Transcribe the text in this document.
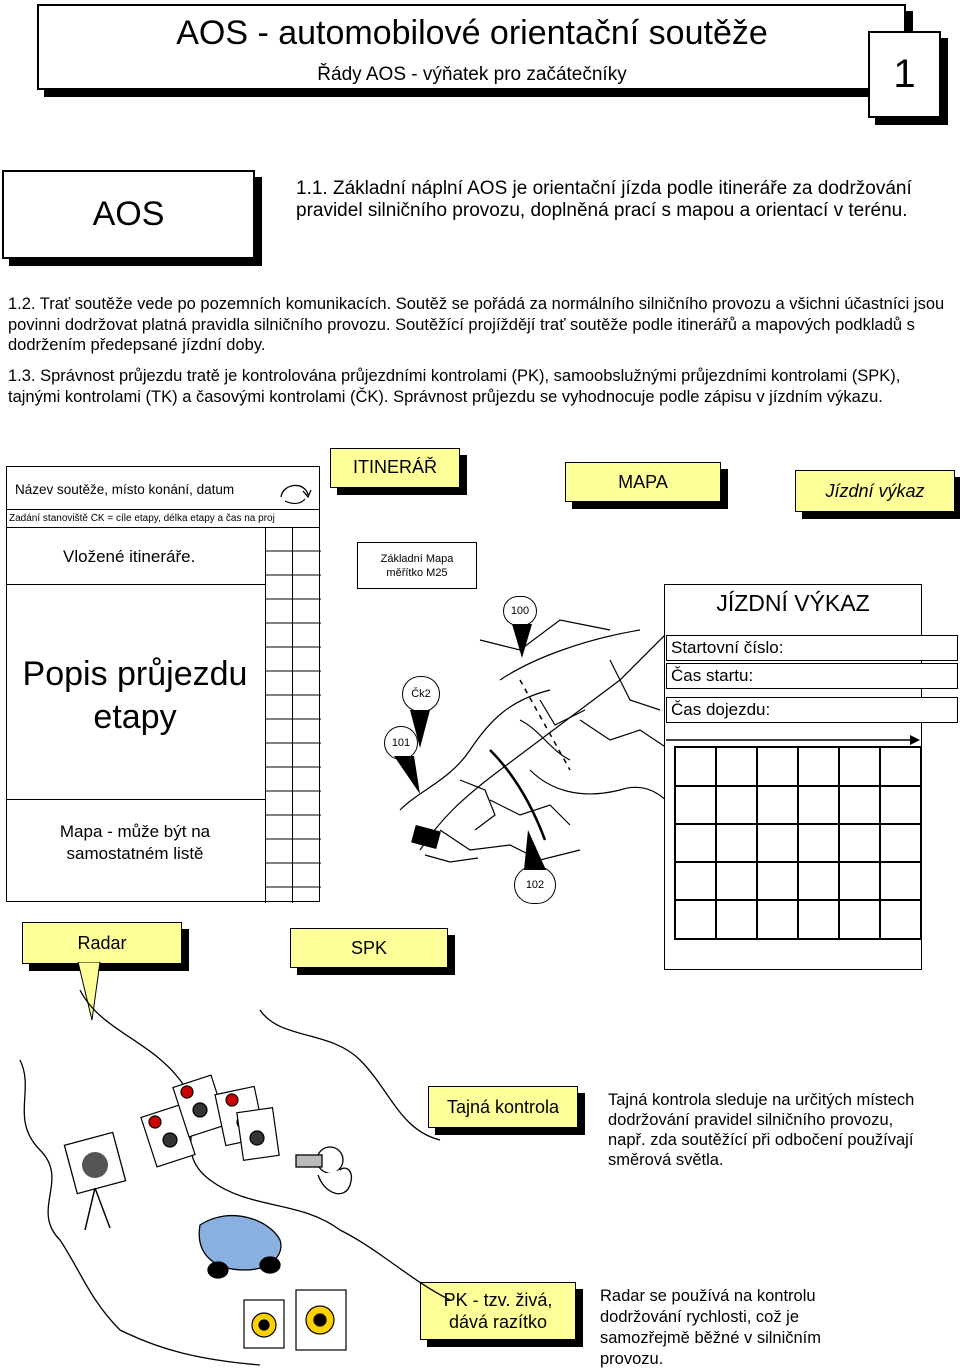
AOS - automobilové orientační soutěže
Řády AOS - výňatek pro začátečníky	1
AOS
1.1. Základní náplní AOS je orientační jízda podle itineráře za dodržování pravidel silničního provozu, doplněná prací s mapou a orientací v terénu.
1.2. Trať soutěže vede po pozemních komunikacích. Soutěž se pořádá za normálního silničního provozu a všichni účastníci jsou povinni dodržovat platná pravidla silničního provozu. Soutěžící projíždějí trať soutěže podle itinerářů a mapových podkladů s dodržením předepsané jízdní doby.
1.3. Správnost průjezdu tratě je kontrolována průjezdními kontrolami (PK), samoobslužnými průjezdními kontrolami (SPK), tajnými kontrolami (TK) a časovými kontrolami (ČK). Správnost průjezdu se vyhodnocuje podle zápisu v jízdním výkazu.
Název soutěže, místo konání, datum
Zadání stanoviště ČK = cíle etapy, délka etapy a čas na proj
Vložené itineráře.
Popis průjezdu etapy
Mapa - může být na samostatném listě
ITINERÁŘ
MAPA	Jízdní výkaz
Základní Mapa měřítko M25
100
Čk2
101
102
JÍZDNÍ VÝKAZ
Startovní číslo:
Čas startu:
Čas dojezdu:
Radar	SPK
Tajná kontrola
PK - tzv. živá, dává razítko
Tajná kontrola sleduje na určitých místech dodržování pravidel silničního provozu, např. zda soutěžící při odbočení používají směrová světla.
Radar se používá na kontrolu dodržování rychlosti, což je samozřejmě běžné v silničním provozu.
